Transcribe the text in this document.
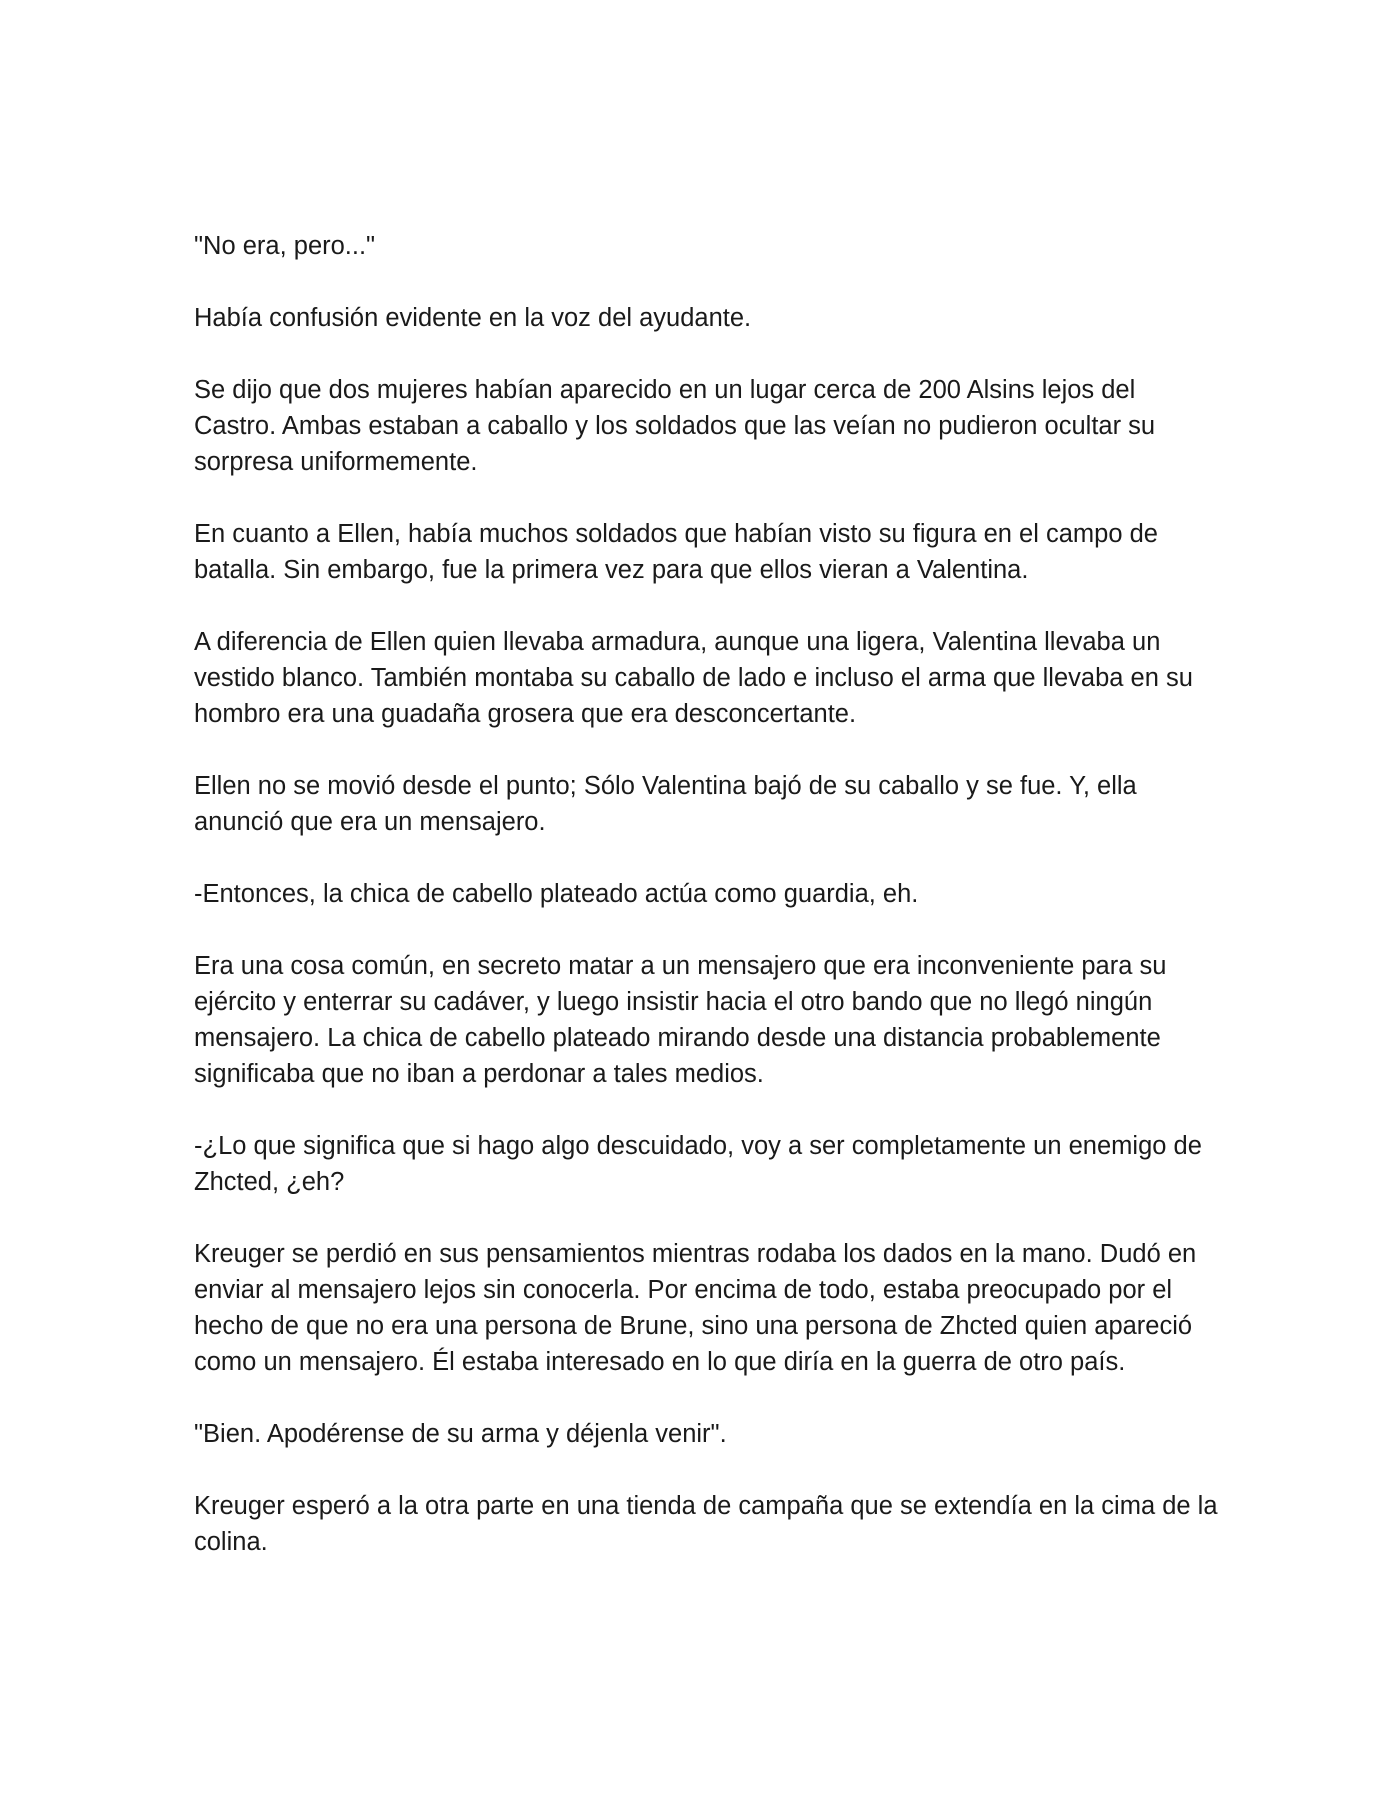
"No era, pero..."

Había confusión evidente en la voz del ayudante.

Se dijo que dos mujeres habían aparecido en un lugar cerca de 200 Alsins lejos del Castro. Ambas estaban a caballo y los soldados que las veían no pudieron ocultar su sorpresa uniformemente.

En cuanto a Ellen, había muchos soldados que habían visto su figura en el campo de batalla. Sin embargo, fue la primera vez para que ellos vieran a Valentina.

A diferencia de Ellen quien llevaba armadura, aunque una ligera, Valentina llevaba un vestido blanco. También montaba su caballo de lado e incluso el arma que llevaba en su hombro era una guadaña grosera que era desconcertante.

Ellen no se movió desde el punto; Sólo Valentina bajó de su caballo y se fue. Y, ella anunció que era un mensajero.

-Entonces, la chica de cabello plateado actúa como guardia, eh.

Era una cosa común, en secreto matar a un mensajero que era inconveniente para su ejército y enterrar su cadáver, y luego insistir hacia el otro bando que no llegó ningún mensajero. La chica de cabello plateado mirando desde una distancia probablemente significaba que no iban a perdonar a tales medios.

-¿Lo que significa que si hago algo descuidado, voy a ser completamente un enemigo de Zhcted, ¿eh?

Kreuger se perdió en sus pensamientos mientras rodaba los dados en la mano. Dudó en enviar al mensajero lejos sin conocerla. Por encima de todo, estaba preocupado por el hecho de que no era una persona de Brune, sino una persona de Zhcted quien apareció como un mensajero. Él estaba interesado en lo que diría en la guerra de otro país.

"Bien. Apodérense de su arma y déjenla venir".

Kreuger esperó a la otra parte en una tienda de campaña que se extendía en la cima de la colina.
